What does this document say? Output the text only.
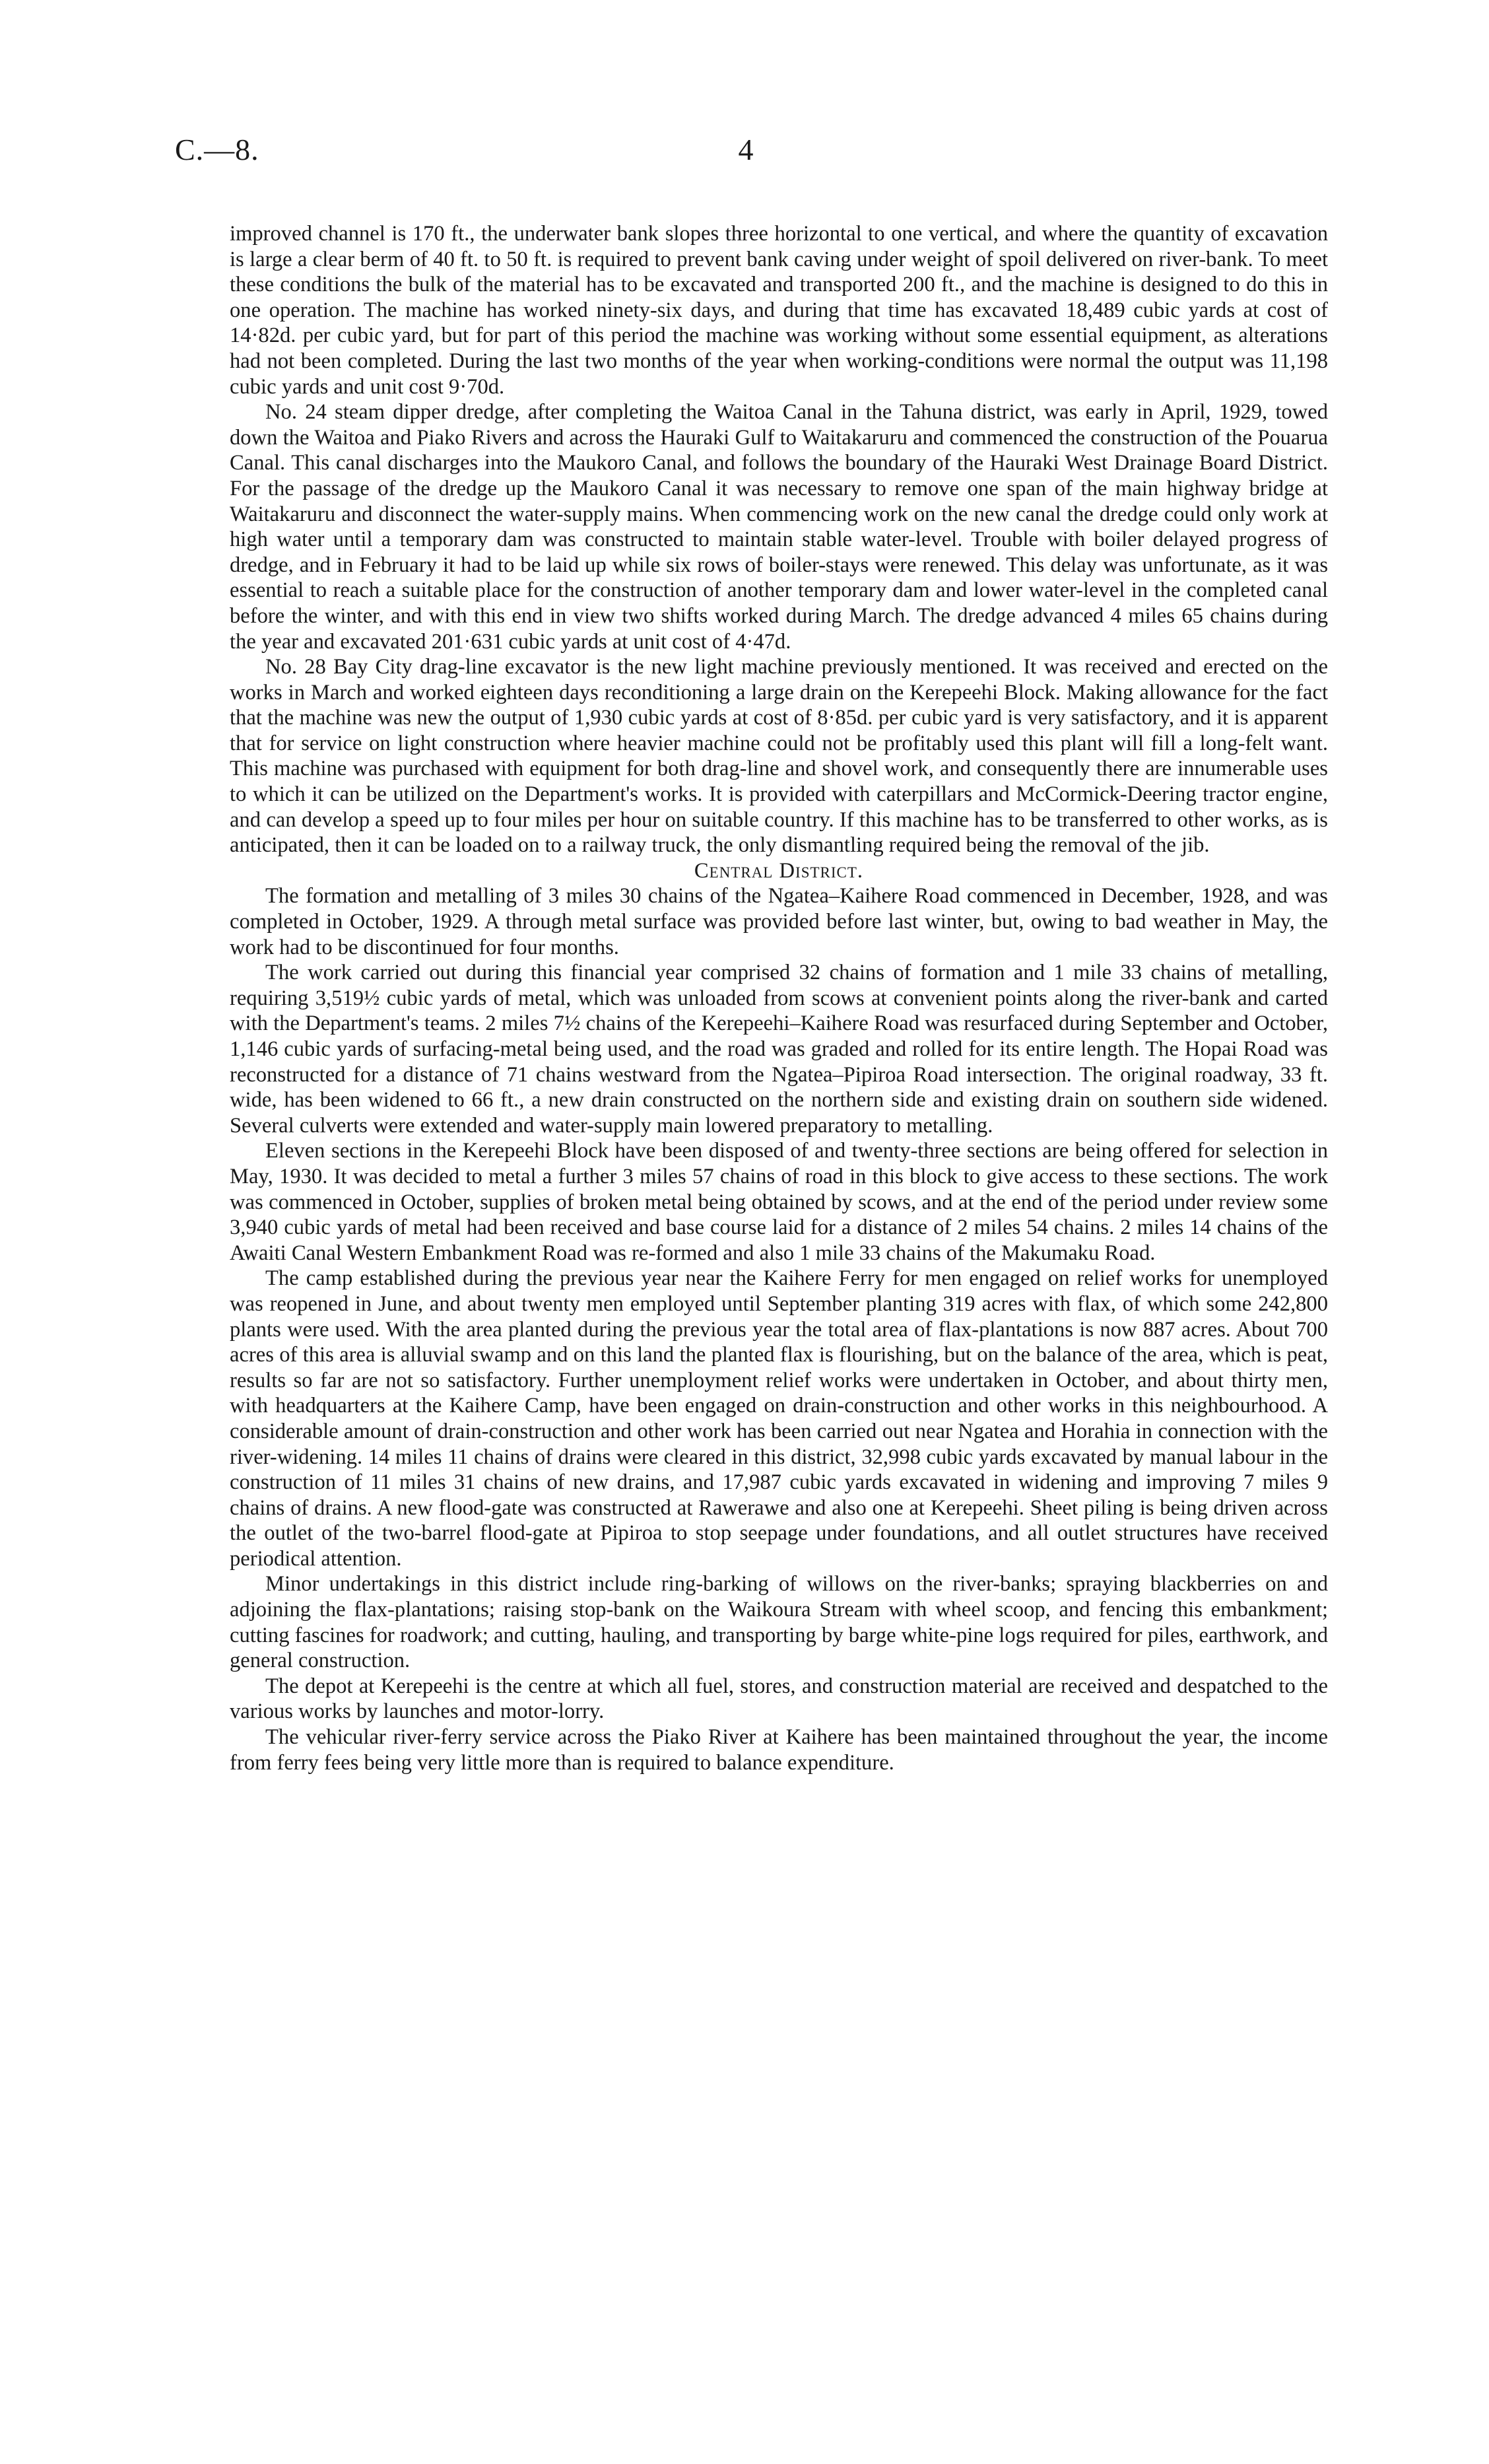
C.—8.	4

improved channel is 170 ft., the underwater bank slopes three horizontal to one vertical, and where the quantity of excavation is large a clear berm of 40 ft. to 50 ft. is required to prevent bank caving under weight of spoil delivered on river-bank. To meet these conditions the bulk of the material has to be excavated and transported 200 ft., and the machine is designed to do this in one operation. The machine has worked ninety-six days, and during that time has excavated 18,489 cubic yards at cost of 14·82d. per cubic yard, but for part of this period the machine was working without some essential equipment, as alterations had not been completed. During the last two months of the year when working-conditions were normal the output was 11,198 cubic yards and unit cost 9·70d.

No. 24 steam dipper dredge, after completing the Waitoa Canal in the Tahuna district, was early in April, 1929, towed down the Waitoa and Piako Rivers and across the Hauraki Gulf to Waitakaruru and commenced the construction of the Pouarua Canal. This canal discharges into the Maukoro Canal, and follows the boundary of the Hauraki West Drainage Board District. For the passage of the dredge up the Maukoro Canal it was necessary to remove one span of the main highway bridge at Waitakaruru and disconnect the water-supply mains. When commencing work on the new canal the dredge could only work at high water until a temporary dam was constructed to maintain stable water-level. Trouble with boiler delayed progress of dredge, and in February it had to be laid up while six rows of boiler-stays were renewed. This delay was unfortunate, as it was essential to reach a suitable place for the construction of another temporary dam and lower water-level in the completed canal before the winter, and with this end in view two shifts worked during March. The dredge advanced 4 miles 65 chains during the year and excavated 201·631 cubic yards at unit cost of 4·47d.

No. 28 Bay City drag-line excavator is the new light machine previously mentioned. It was received and erected on the works in March and worked eighteen days reconditioning a large drain on the Kerepeehi Block. Making allowance for the fact that the machine was new the output of 1,930 cubic yards at cost of 8·85d. per cubic yard is very satisfactory, and it is apparent that for service on light construction where heavier machine could not be profitably used this plant will fill a long-felt want. This machine was purchased with equipment for both drag-line and shovel work, and consequently there are innumerable uses to which it can be utilized on the Department's works. It is provided with caterpillars and McCormick-Deering tractor engine, and can develop a speed up to four miles per hour on suitable country. If this machine has to be transferred to other works, as is anticipated, then it can be loaded on to a railway truck, the only dismantling required being the removal of the jib.

Central District.

The formation and metalling of 3 miles 30 chains of the Ngatea–Kaihere Road commenced in December, 1928, and was completed in October, 1929. A through metal surface was provided before last winter, but, owing to bad weather in May, the work had to be discontinued for four months.

The work carried out during this financial year comprised 32 chains of formation and 1 mile 33 chains of metalling, requiring 3,519½ cubic yards of metal, which was unloaded from scows at convenient points along the river-bank and carted with the Department's teams. 2 miles 7½ chains of the Kerepeehi–Kaihere Road was resurfaced during September and October, 1,146 cubic yards of surfacing-metal being used, and the road was graded and rolled for its entire length. The Hopai Road was reconstructed for a distance of 71 chains westward from the Ngatea–Pipiroa Road intersection. The original roadway, 33 ft. wide, has been widened to 66 ft., a new drain constructed on the northern side and existing drain on southern side widened. Several culverts were extended and water-supply main lowered preparatory to metalling.

Eleven sections in the Kerepeehi Block have been disposed of and twenty-three sections are being offered for selection in May, 1930. It was decided to metal a further 3 miles 57 chains of road in this block to give access to these sections. The work was commenced in October, supplies of broken metal being obtained by scows, and at the end of the period under review some 3,940 cubic yards of metal had been received and base course laid for a distance of 2 miles 54 chains. 2 miles 14 chains of the Awaiti Canal Western Embankment Road was re-formed and also 1 mile 33 chains of the Makumaku Road.

The camp established during the previous year near the Kaihere Ferry for men engaged on relief works for unemployed was reopened in June, and about twenty men employed until September planting 319 acres with flax, of which some 242,800 plants were used. With the area planted during the previous year the total area of flax-plantations is now 887 acres. About 700 acres of this area is alluvial swamp and on this land the planted flax is flourishing, but on the balance of the area, which is peat, results so far are not so satisfactory. Further unemployment relief works were undertaken in October, and about thirty men, with headquarters at the Kaihere Camp, have been engaged on drain-construction and other works in this neighbourhood. A considerable amount of drain-construction and other work has been carried out near Ngatea and Horahia in connection with the river-widening. 14 miles 11 chains of drains were cleared in this district, 32,998 cubic yards excavated by manual labour in the construction of 11 miles 31 chains of new drains, and 17,987 cubic yards excavated in widening and improving 7 miles 9 chains of drains. A new flood-gate was constructed at Rawerawe and also one at Kerepeehi. Sheet piling is being driven across the outlet of the two-barrel flood-gate at Pipiroa to stop seepage under foundations, and all outlet structures have received periodical attention.

Minor undertakings in this district include ring-barking of willows on the river-banks; spraying blackberries on and adjoining the flax-plantations; raising stop-bank on the Waikoura Stream with wheel scoop, and fencing this embankment; cutting fascines for roadwork; and cutting, hauling, and transporting by barge white-pine logs required for piles, earthwork, and general construction.

The depot at Kerepeehi is the centre at which all fuel, stores, and construction material are received and despatched to the various works by launches and motor-lorry.

The vehicular river-ferry service across the Piako River at Kaihere has been maintained throughout the year, the income from ferry fees being very little more than is required to balance expenditure.
